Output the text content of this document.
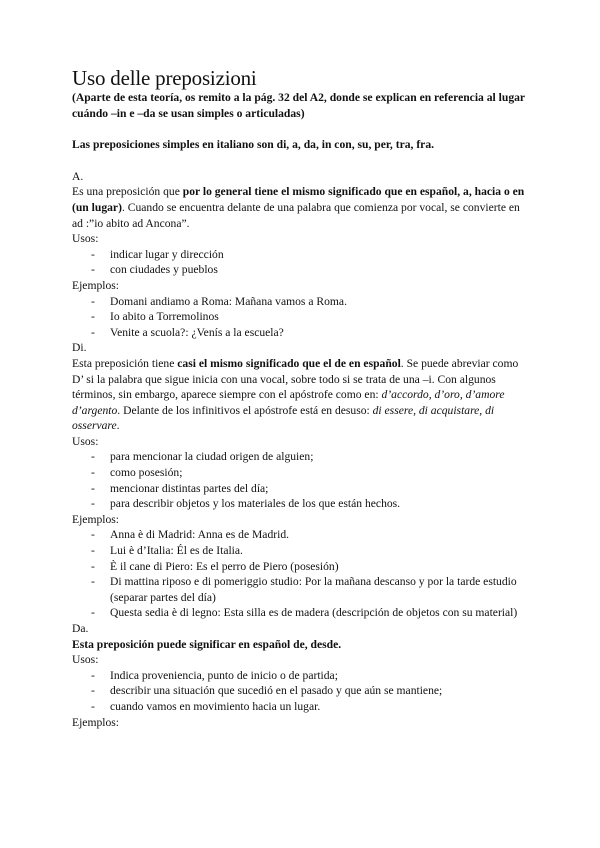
Uso delle preposizioni

(Aparte de esta teoría, os remito a la pág. 32 del A2, donde se explican en referencia al lugar cuándo –in e –da se usan simples o articuladas)

Las preposiciones simples en italiano son di, a, da, in con, su, per, tra, fra.

A.

Es una preposición que por lo general tiene el mismo significado que en español, a, hacia o en (un lugar). Cuando se encuentra delante de una palabra que comienza por vocal, se convierte en ad :”io abito ad Ancona”.

Usos:

- indicar lugar y dirección
- con ciudades y pueblos

Ejemplos:

- Domani andiamo a Roma: Mañana vamos a Roma.
- Io abito a Torremolinos
- Venite a scuola?: ¿Venís a la escuela?

Di.

Esta preposición tiene casi el mismo significado que el de en español. Se puede abreviar como D’ si la palabra que sigue inicia con una vocal, sobre todo si se trata de una –i. Con algunos términos, sin embargo, aparece siempre con el apóstrofe como en: d’accordo, d’oro, d’amore d’argento. Delante de los infinitivos el apóstrofe está en desuso: di essere, di acquistare, di osservare.

Usos:

- para mencionar la ciudad origen de alguien;
- como posesión;
- mencionar distintas partes del día;
- para describir objetos y los materiales de los que están hechos.

Ejemplos:

- Anna è di Madrid: Anna es de Madrid.
- Lui è d’Italia: Él es de Italia.
- È il cane di Piero: Es el perro de Piero (posesión)
- Di mattina riposo e di pomeriggio studio: Por la mañana descanso y por la tarde estudio (separar partes del día)
- Questa sedia è di legno: Esta silla es de madera (descripción de objetos con su material)

Da.

Esta preposición puede significar en español de, desde.

Usos:

- Indica proveniencia, punto de inicio o de partida;
- describir una situación que sucedió en el pasado y que aún se mantiene;
- cuando vamos en movimiento hacia un lugar.

Ejemplos:
